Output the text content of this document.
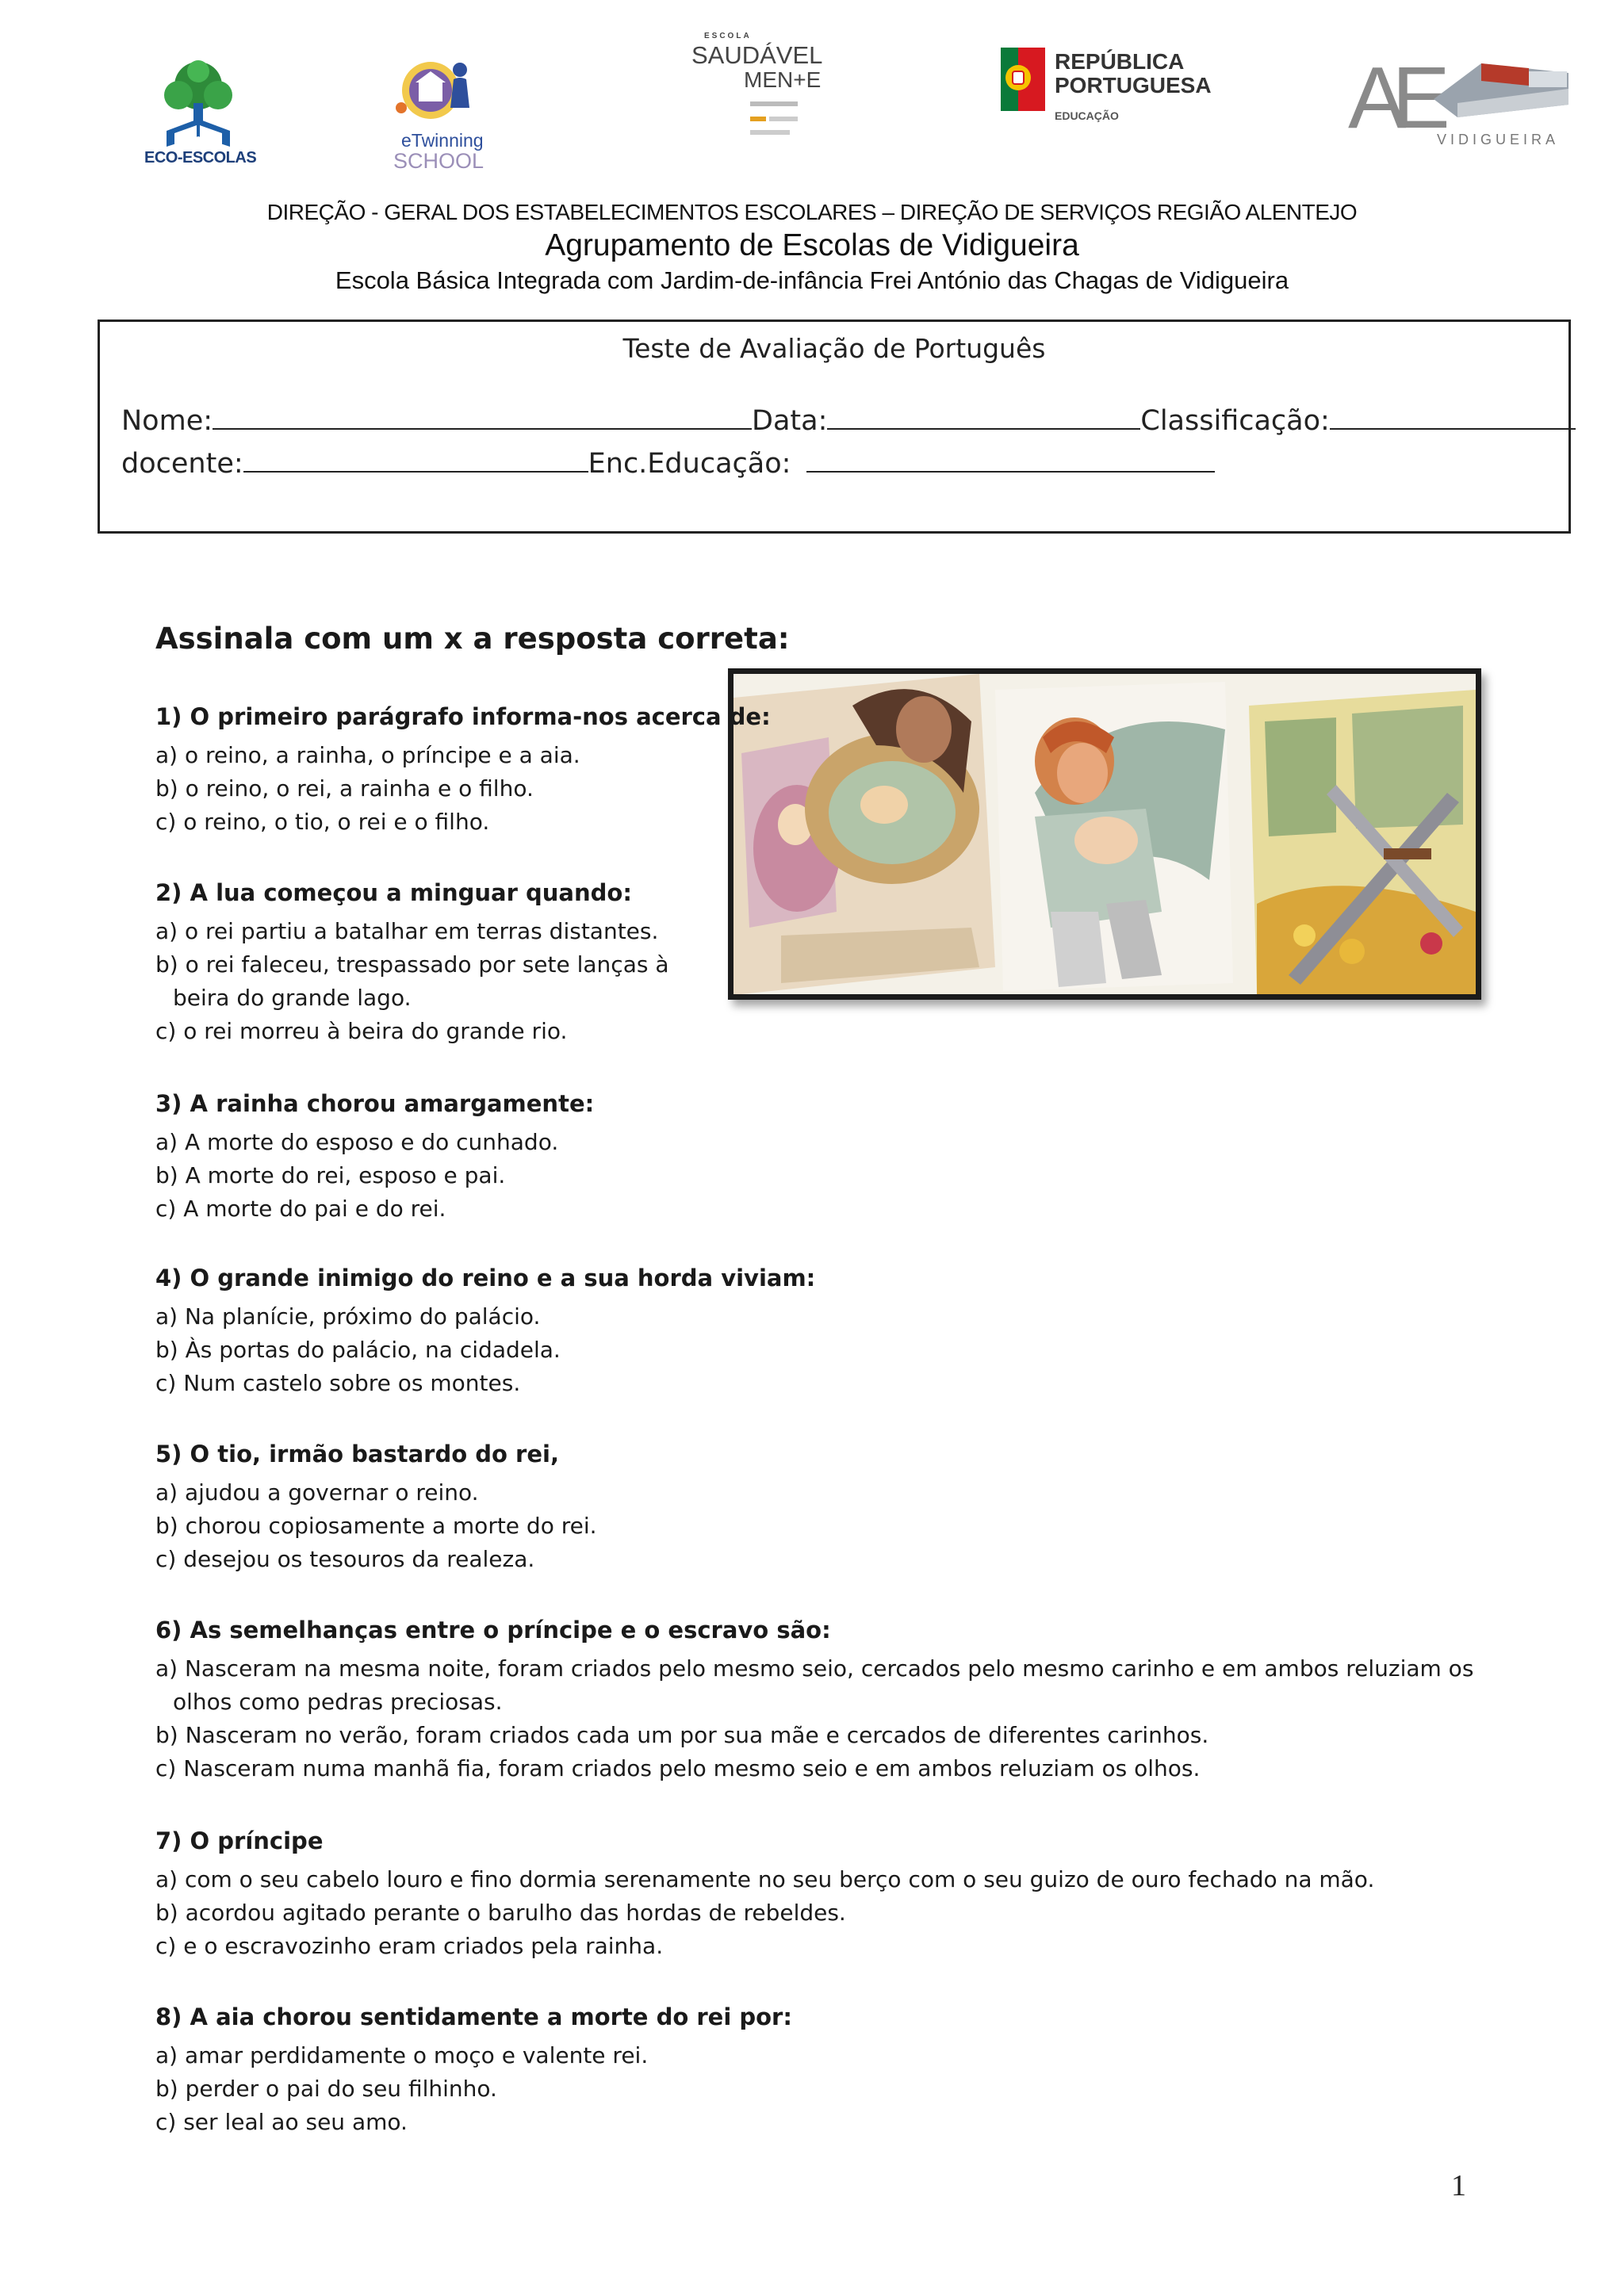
ECO-ESCOLAS
eTwinning
SCHOOL
ESCOLA
SAUDÁVEL
MEN+E

REPÚBLICA
PORTUGUESA
EDUCAÇÃO	AE VIDIGUEIRA
DIREÇÃO - GERAL DOS ESTABELECIMENTOS ESCOLARES – DIREÇÃO DE SERVIÇOS REGIÃO ALENTEJO
Agrupamento de Escolas de Vidigueira
Escola Básica Integrada com Jardim-de-infância Frei António das Chagas de Vidigueira
Teste de Avaliação de Português
Nome:	Data:	Classificação:
docente:	Enc.Educação:
Assinala com um x a resposta correta:
1) O primeiro parágrafo informa-nos acerca de:
a) o reino, a rainha, o príncipe e a aia.
b) o reino, o rei, a rainha e o filho.
c) o reino, o tio, o rei e o filho.
2) A lua começou a minguar quando:
a) o rei partiu a batalhar em terras distantes.
b) o rei faleceu, trespassado por sete lanças à
beira do grande lago.
c) o rei morreu à beira do grande rio.
3) A rainha chorou amargamente:
a) A morte do esposo e do cunhado.
b) A morte do rei, esposo e pai.
c) A morte do pai e do rei.
4) O grande inimigo do reino e a sua horda viviam:
a) Na planície, próximo do palácio.
b) Às portas do palácio, na cidadela.
c) Num castelo sobre os montes.
5) O tio, irmão bastardo do rei,
a) ajudou a governar o reino.
b) chorou copiosamente a morte do rei.
c) desejou os tesouros da realeza.
6) As semelhanças entre o príncipe e o escravo são:
a) Nasceram na mesma noite, foram criados pelo mesmo seio, cercados pelo mesmo carinho e em ambos reluziam os
olhos como pedras preciosas.
b) Nasceram no verão, foram criados cada um por sua mãe e cercados de diferentes carinhos.
c) Nasceram numa manhã fia, foram criados pelo mesmo seio e em ambos reluziam os olhos.
7) O príncipe
a) com o seu cabelo louro e fino dormia serenamente no seu berço com o seu guizo de ouro fechado na mão.
b) acordou agitado perante o barulho das hordas de rebeldes.
c) e o escravozinho eram criados pela rainha.
8) A aia chorou sentidamente a morte do rei por:
a) amar perdidamente o moço e valente rei.
b) perder o pai do seu filhinho.
c) ser leal ao seu amo.
1
